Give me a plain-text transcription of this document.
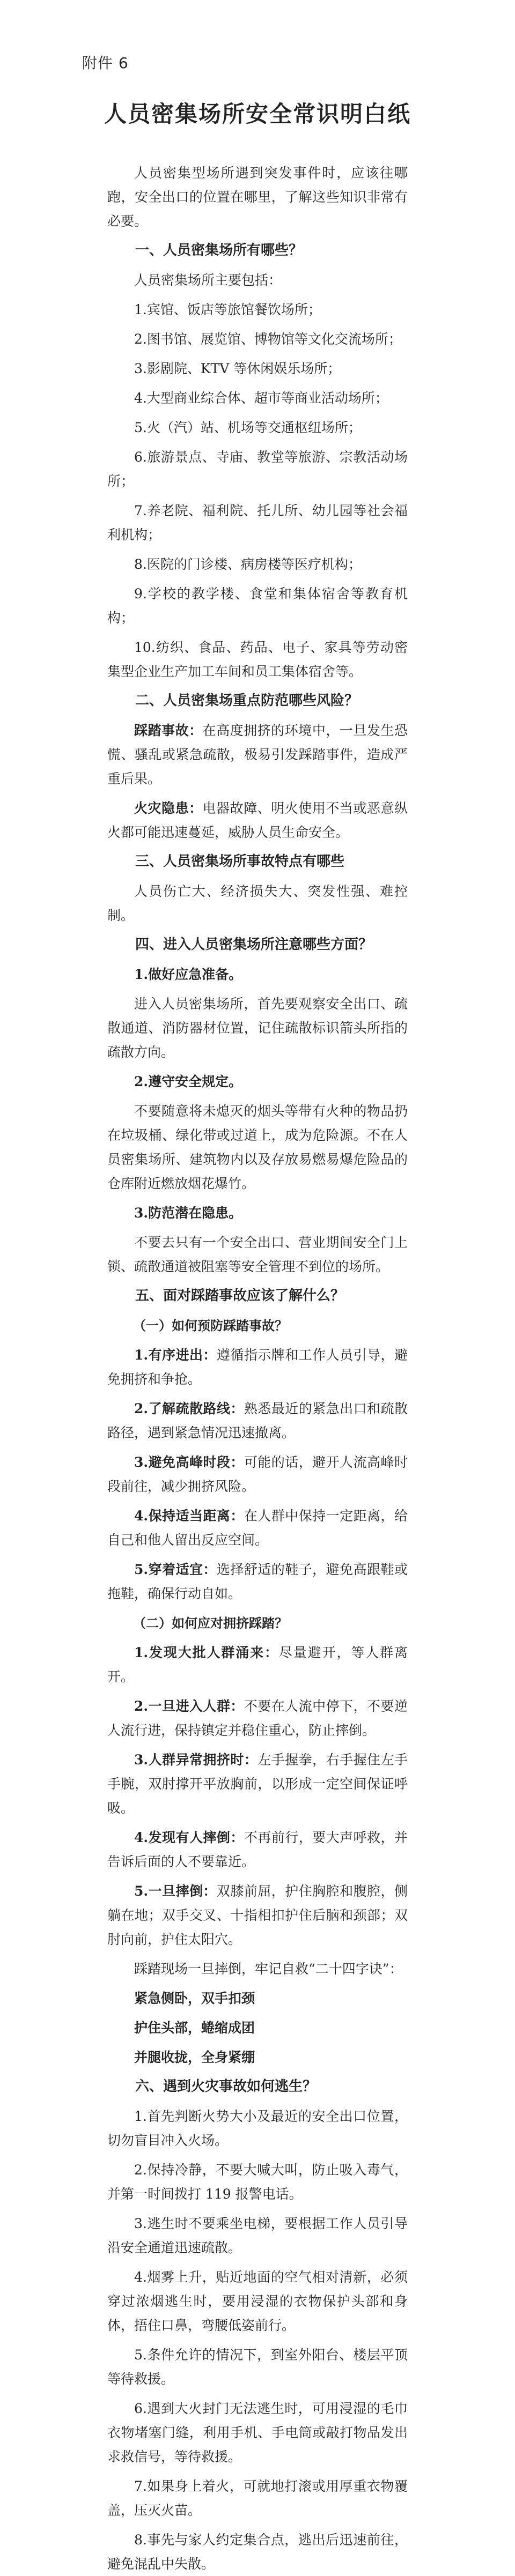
附件 6
人员密集场所安全常识明白纸

人员密集型场所遇到突发事件时，应该往哪跑，安全出口的位置在哪里，了解这些知识非常有必要。

一、人员密集场所有哪些？

人员密集场所主要包括：

1.宾馆、饭店等旅馆餐饮场所；

2.图书馆、展览馆、博物馆等文化交流场所；

3.影剧院、KTV 等休闲娱乐场所；

4.大型商业综合体、超市等商业活动场所；

5.火（汽）站、机场等交通枢纽场所；

6.旅游景点、寺庙、教堂等旅游、宗教活动场所；

7.养老院、福利院、托儿所、幼儿园等社会福利机构；

8.医院的门诊楼、病房楼等医疗机构；

9.学校的教学楼、食堂和集体宿舍等教育机构；

10.纺织、食品、药品、电子、家具等劳动密集型企业生产加工车间和员工集体宿舍等。

二、人员密集场重点防范哪些风险？

踩踏事故：在高度拥挤的环境中，一旦发生恐慌、骚乱或紧急疏散，极易引发踩踏事件，造成严重后果。

火灾隐患：电器故障、明火使用不当或恶意纵火都可能迅速蔓延，威胁人员生命安全。

三、人员密集场所事故特点有哪些

人员伤亡大、经济损失大、突发性强、难控制。

四、进入人员密集场所注意哪些方面？

1.做好应急准备。

进入人员密集场所，首先要观察安全出口、疏散通道、消防器材位置，记住疏散标识箭头所指的疏散方向。

2.遵守安全规定。

不要随意将未熄灭的烟头等带有火种的物品扔在垃圾桶、绿化带或过道上，成为危险源。不在人员密集场所、建筑物内以及存放易燃易爆危险品的仓库附近燃放烟花爆竹。

3.防范潜在隐患。

不要去只有一个安全出口、营业期间安全门上锁、疏散通道被阻塞等安全管理不到位的场所。

五、面对踩踏事故应该了解什么？

（一）如何预防踩踏事故？

1.有序进出：遵循指示牌和工作人员引导，避免拥挤和争抢。

2.了解疏散路线：熟悉最近的紧急出口和疏散路径，遇到紧急情况迅速撤离。

3.避免高峰时段：可能的话，避开人流高峰时段前往，减少拥挤风险。

4.保持适当距离：在人群中保持一定距离，给自己和他人留出反应空间。

5.穿着适宜：选择舒适的鞋子，避免高跟鞋或拖鞋，确保行动自如。

（二）如何应对拥挤踩踏？

1.发现大批人群涌来：尽量避开，等人群离开。

2.一旦进入人群：不要在人流中停下，不要逆人流行进，保持镇定并稳住重心，防止摔倒。

3.人群异常拥挤时：左手握拳，右手握住左手手腕，双肘撑开平放胸前，以形成一定空间保证呼吸。

4.发现有人摔倒：不再前行，要大声呼救，并告诉后面的人不要靠近。

5.一旦摔倒：双膝前屈，护住胸腔和腹腔，侧躺在地；双手交叉、十指相扣护住后脑和颈部；双肘向前，护住太阳穴。

踩踏现场一旦摔倒，牢记自救“二十四字诀”：

紧急侧卧，双手扣颈

护住头部，蜷缩成团

并腿收拢，全身紧绷

六、遇到火灾事故如何逃生？

1.首先判断火势大小及最近的安全出口位置，切勿盲目冲入火场。

2.保持冷静，不要大喊大叫，防止吸入毒气，并第一时间拨打 119 报警电话。

3.逃生时不要乘坐电梯，要根据工作人员引导沿安全通道迅速疏散。

4.烟雾上升，贴近地面的空气相对清新，必须穿过浓烟逃生时，要用浸湿的衣物保护头部和身体，捂住口鼻，弯腰低姿前行。

5.条件允许的情况下，到室外阳台、楼层平顶等待救援。

6.遇到大火封门无法逃生时，可用浸湿的毛巾衣物堵塞门缝，利用手机、手电筒或敲打物品发出求救信号，等待救援。

7.如果身上着火，可就地打滚或用厚重衣物覆盖，压灭火苗。

8.事先与家人约定集合点，逃出后迅速前往，避免混乱中失散。
